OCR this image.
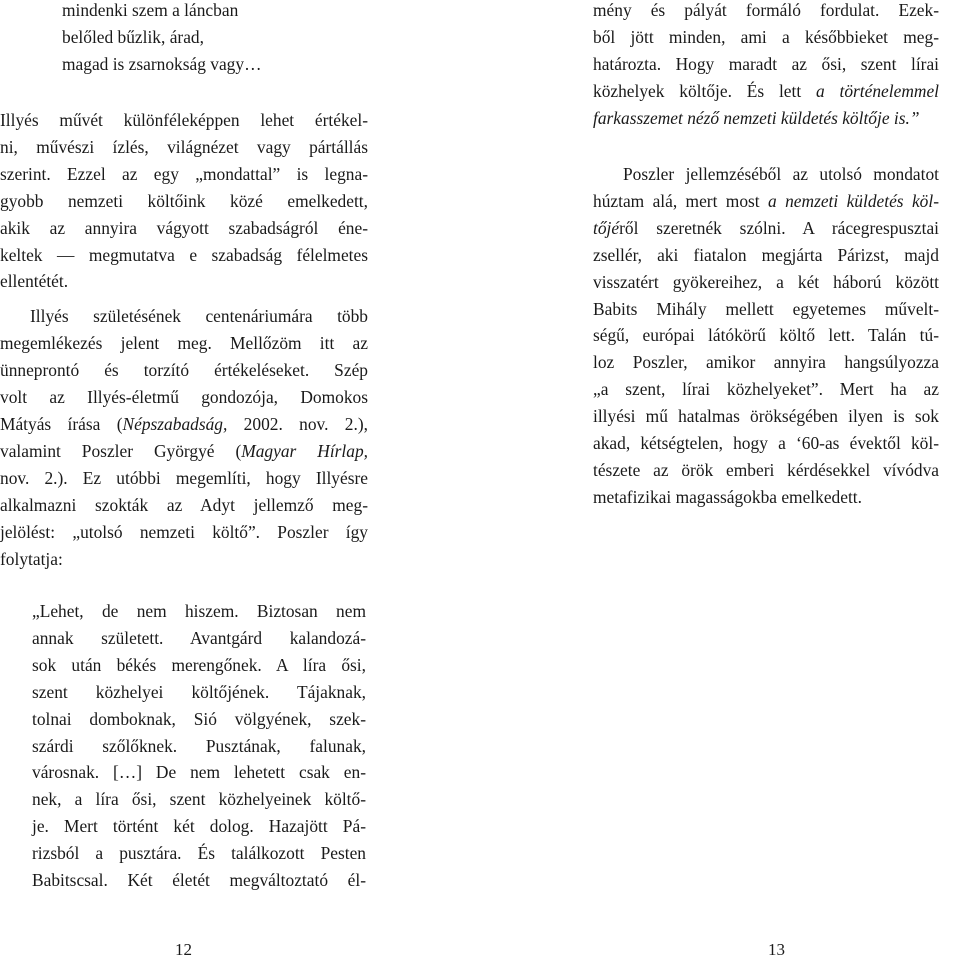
mindenki szem a láncban
belőled bűzlik, árad,
magad is zsarnokság vagy…

Illyés művét különféleképpen lehet értékel-
ni, művészi ízlés, világnézet vagy pártállás
szerint. Ezzel az egy „mondattal” is legna-
gyobb nemzeti költőink közé emelkedett,
akik az annyira vágyott szabadságról éne-
keltek — megmutatva e szabadság félelmetes
ellentétét.

Illyés születésének centenáriumára több
megemlékezés jelent meg. Mellőzöm itt az
ünneprontó és torzító értékeléseket. Szép
volt az Illyés-életmű gondozója, Domokos
Mátyás írása (Népszabadság, 2002. nov. 2.),
valamint Poszler Györgyé (Magyar Hírlap,
nov. 2.). Ez utóbbi megemlíti, hogy Illyésre
alkalmazni szokták az Adyt jellemző meg-
jelölést: „utolsó nemzeti költő”. Poszler így
folytatja:

„Lehet, de nem hiszem. Biztosan nem
annak született. Avantgárd kalandozá-
sok után békés merengőnek. A líra ősi,
szent közhelyei költőjének. Tájaknak,
tolnai domboknak, Sió völgyének, szek-
szárdi szőlőknek. Pusztának, falunak,
városnak. […] De nem lehetett csak en-
nek, a líra ősi, szent közhelyeinek költő-
je. Mert történt két dolog. Hazajött Pá-
rizsból a pusztára. És találkozott Pesten
Babitscsal. Két életét megváltoztató él-
12
mény és pályát formáló fordulat. Ezek-
ből jött minden, ami a későbbieket meg-
határozta. Hogy maradt az ősi, szent lírai
közhelyek költője. És lett a történelemmel
farkasszemet néző nemzeti küldetés költője is.”
Poszler jellemzéséből az utolsó mondatot
húztam alá, mert most a nemzeti küldetés köl-
tőjéről szeretnék szólni. A rácegrespusztai
zsellér, aki fiatalon megjárta Párizst, majd
visszatért gyökereihez, a két háború között
Babits Mihály mellett egyetemes művelt-
ségű, európai látókörű költő lett. Talán tú-
loz Poszler, amikor annyira hangsúlyozza
„a szent, lírai közhelyeket”. Mert ha az
illyési mű hatalmas örökségében ilyen is sok
akad, kétségtelen, hogy a ‘60-as évektől köl-
tészete az örök emberi kérdésekkel vívódva
metafizikai magasságokba emelkedett.
13
